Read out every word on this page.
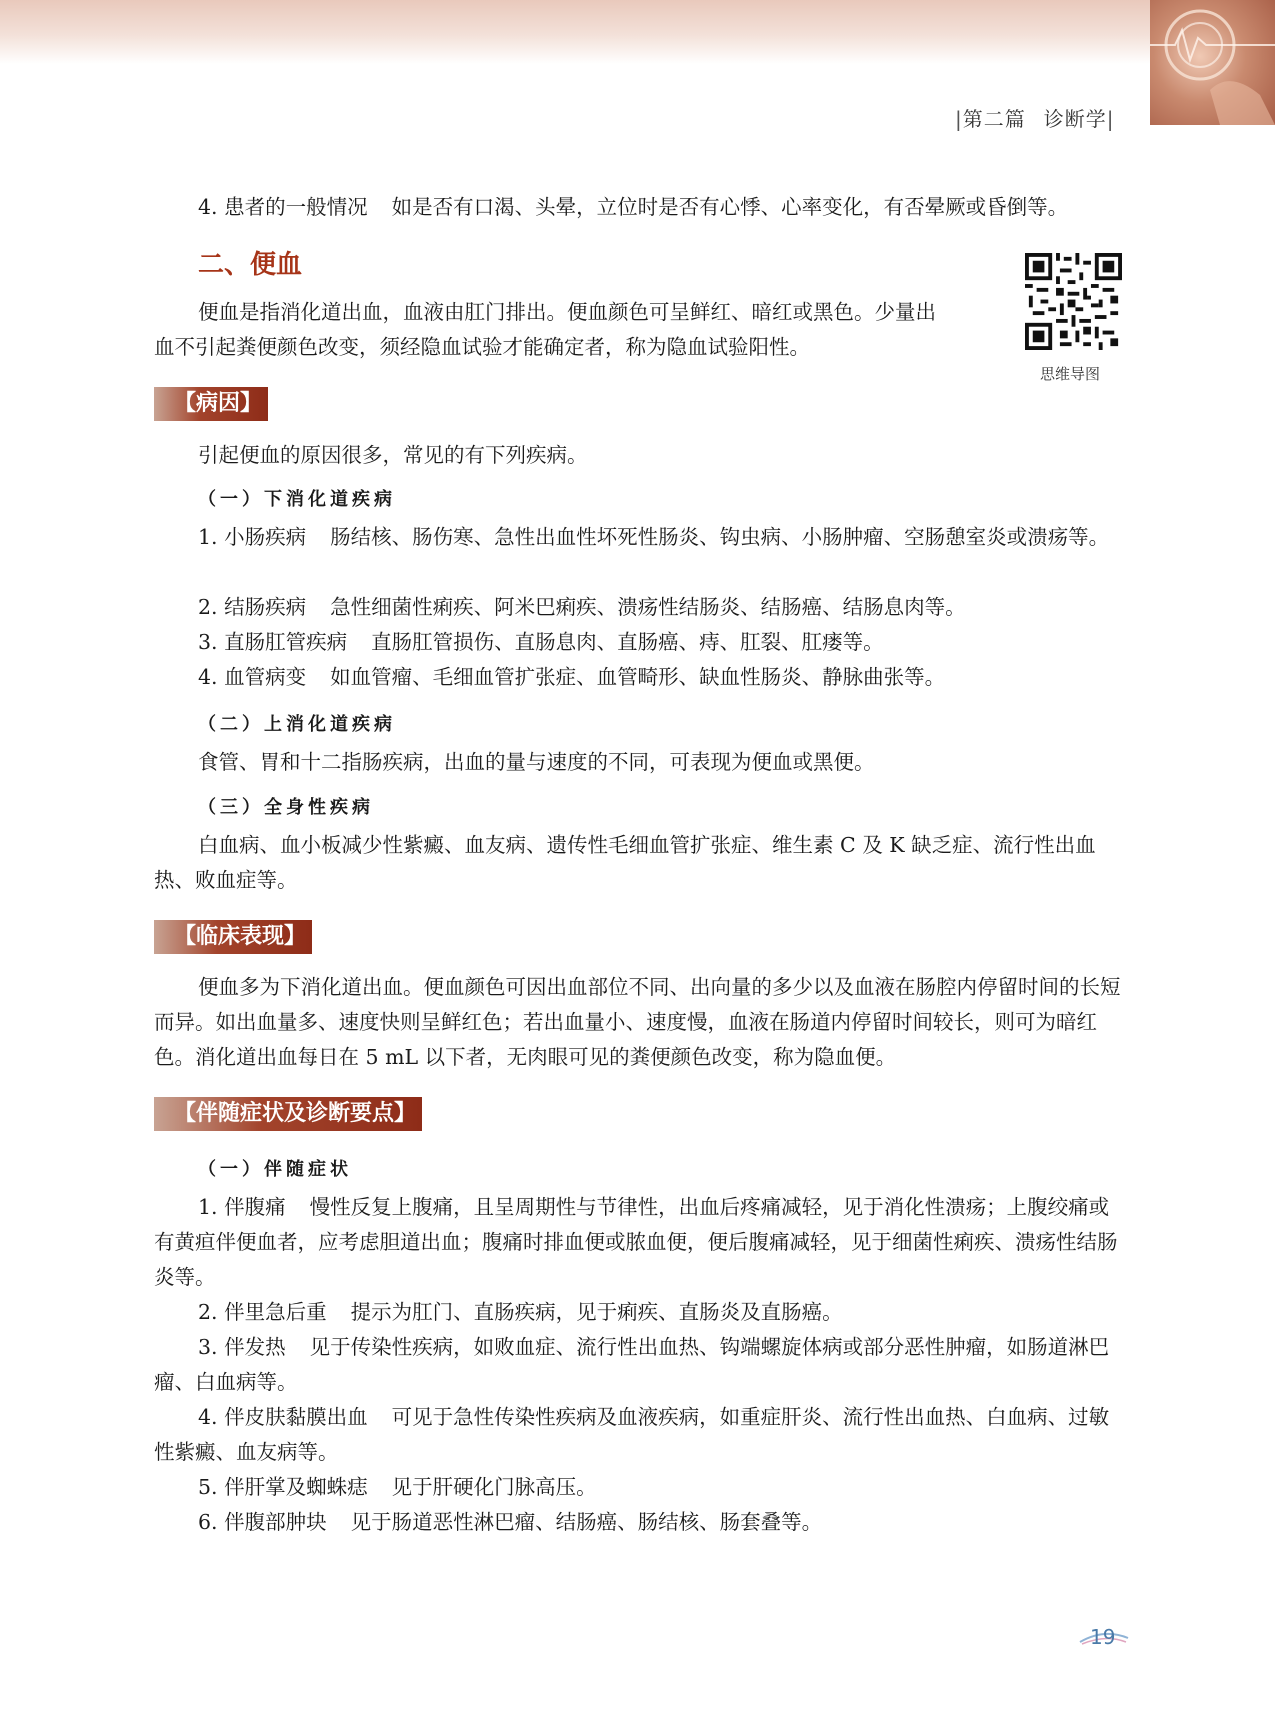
|第二篇 诊断学|
4. 患者的一般情况 如是否有口渴、头晕，立位时是否有心悸、心率变化，有否晕厥或昏倒等。
二、便血
便血是指消化道出血，血液由肛门排出。便血颜色可呈鲜红、暗红或黑色。少量出
血不引起粪便颜色改变，须经隐血试验才能确定者，称为隐血试验阳性。
思维导图
【病因】
引起便血的原因很多，常见的有下列疾病。
（一）下消化道疾病
1. 小肠疾病 肠结核、肠伤寒、急性出血性坏死性肠炎、钩虫病、小肠肿瘤、空肠憩室炎或溃疡等。
2. 结肠疾病 急性细菌性痢疾、阿米巴痢疾、溃疡性结肠炎、结肠癌、结肠息肉等。
3. 直肠肛管疾病 直肠肛管损伤、直肠息肉、直肠癌、痔、肛裂、肛瘘等。
4. 血管病变 如血管瘤、毛细血管扩张症、血管畸形、缺血性肠炎、静脉曲张等。
（二）上消化道疾病
食管、胃和十二指肠疾病，出血的量与速度的不同，可表现为便血或黑便。
（三）全身性疾病
白血病、血小板减少性紫癜、血友病、遗传性毛细血管扩张症、维生素 C 及 K 缺乏症、流行性出血热、败血症等。
【临床表现】
便血多为下消化道出血。便血颜色可因出血部位不同、出向量的多少以及血液在肠腔内停留时间的长短而异。如出血量多、速度快则呈鲜红色；若出血量小、速度慢，血液在肠道内停留时间较长，则可为暗红色。消化道出血每日在 5 mL 以下者，无肉眼可见的粪便颜色改变，称为隐血便。
【伴随症状及诊断要点】
（一）伴随症状
1. 伴腹痛 慢性反复上腹痛，且呈周期性与节律性，出血后疼痛减轻，见于消化性溃疡；上腹绞痛或有黄疸伴便血者，应考虑胆道出血；腹痛时排血便或脓血便，便后腹痛减轻，见于细菌性痢疾、溃疡性结肠炎等。
2. 伴里急后重 提示为肛门、直肠疾病，见于痢疾、直肠炎及直肠癌。
3. 伴发热 见于传染性疾病，如败血症、流行性出血热、钩端螺旋体病或部分恶性肿瘤，如肠道淋巴瘤、白血病等。
4. 伴皮肤黏膜出血 可见于急性传染性疾病及血液疾病，如重症肝炎、流行性出血热、白血病、过敏性紫癜、血友病等。
5. 伴肝掌及蜘蛛痣 见于肝硬化门脉高压。
6. 伴腹部肿块 见于肠道恶性淋巴瘤、结肠癌、肠结核、肠套叠等。
19
